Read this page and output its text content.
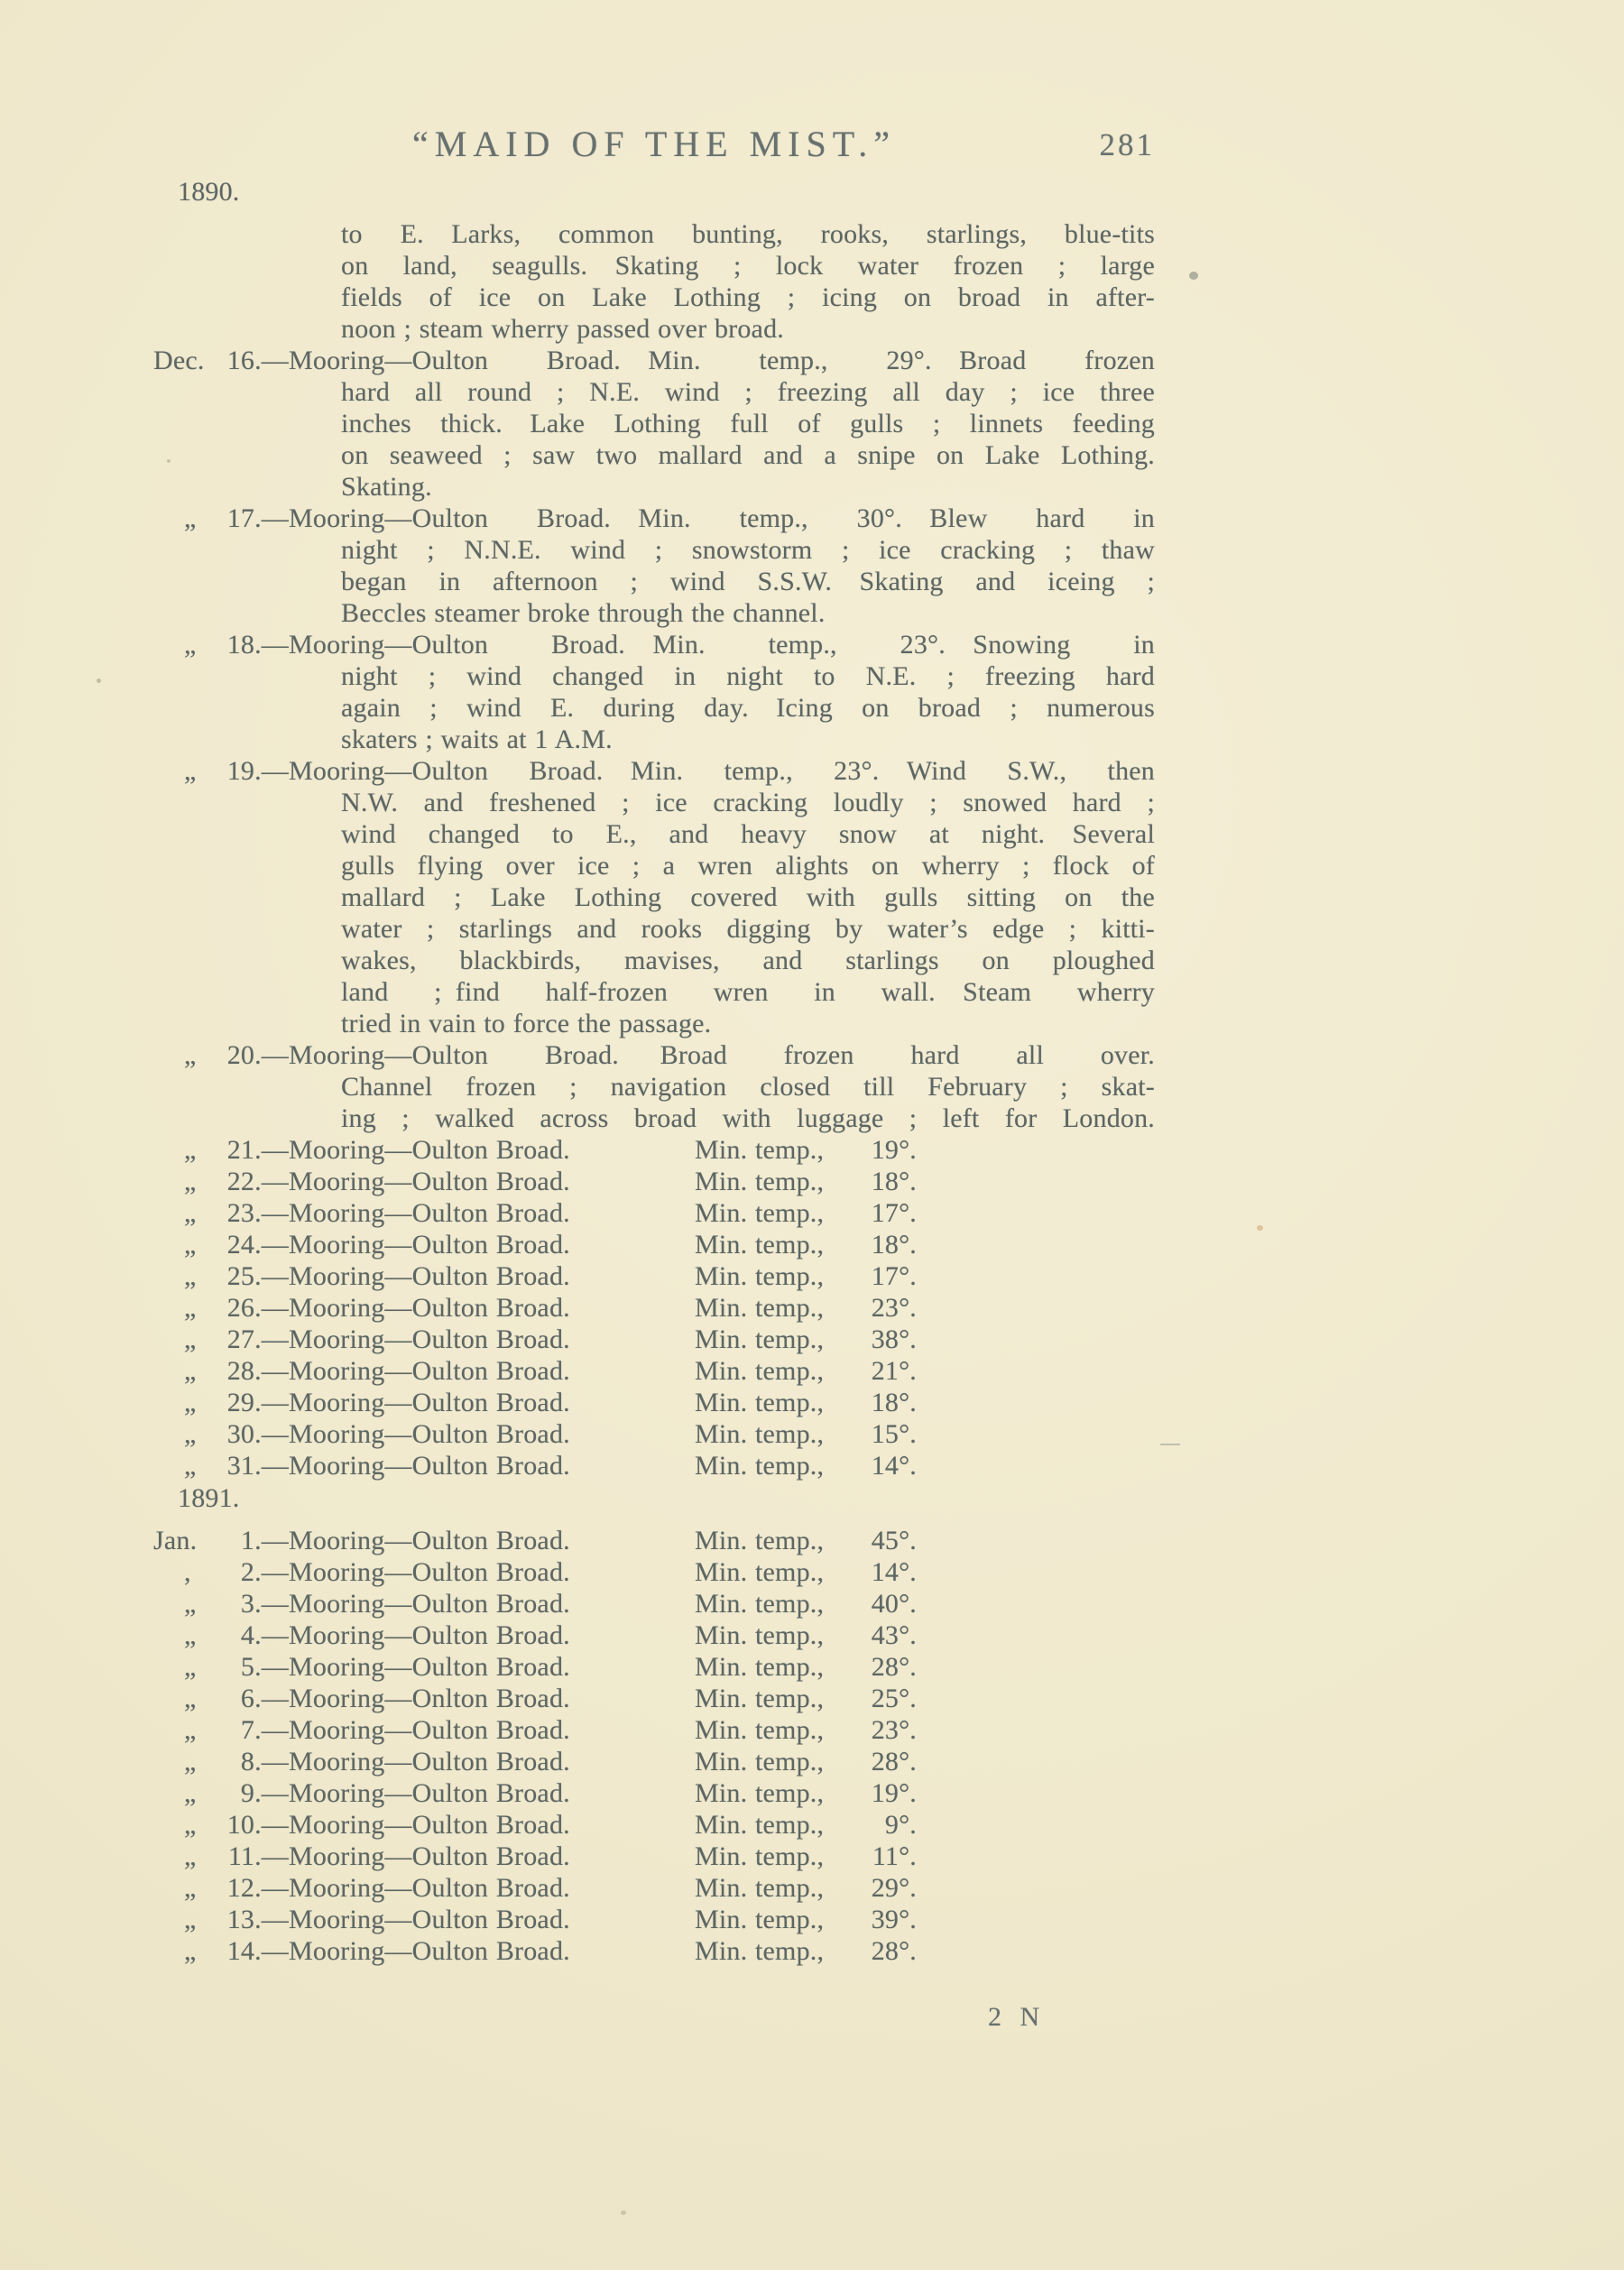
“MAID OF THE MIST.”	281
1890.
to E.  Larks, common bunting, rooks, starlings, blue-tits
on land, seagulls.  Skating ; lock water frozen ; large
fields of ice on Lake Lothing ; icing on broad in after-
noon ; steam wherry passed over broad.
Dec. 16.— Mooring—Oulton Broad.  Min. temp., 29°.  Broad frozen
hard all round ; N.E. wind ; freezing all day ; ice three
inches thick.  Lake Lothing full of gulls ; linnets feeding
on seaweed ; saw two mallard and a snipe on Lake Lothing.
Skating.
„ 17.— Mooring—Oulton Broad.  Min. temp., 30°.  Blew hard in
night ; N.N.E. wind ; snowstorm ; ice cracking ; thaw
began in afternoon ; wind S.S.W.  Skating and iceing ;
Beccles steamer broke through the channel.
„ 18.— Mooring—Oulton Broad.  Min. temp., 23°.  Snowing in
night ; wind changed in night to N.E. ; freezing hard
again ; wind E. during day.  Icing on broad ; numerous
skaters ; waits at 1 A.M.
„ 19.— Mooring—Oulton Broad.  Min. temp., 23°.  Wind S.W., then
N.W. and freshened ; ice cracking loudly ; snowed hard ;
wind changed to E., and heavy snow at night.  Several
gulls flying over ice ; a wren alights on wherry ; flock of
mallard ; Lake Lothing covered with gulls sitting on the
water ; starlings and rooks digging by water’s edge ; kitti-
wakes, blackbirds, mavises, and starlings on ploughed
land ; find half-frozen wren in wall.  Steam wherry
tried in vain to force the passage.
„ 20.— Mooring—Oulton Broad.   Broad frozen hard all over.
Channel frozen ; navigation closed till February ; skat-
ing ; walked across broad with luggage ; left for London.
„ 21.— Mooring—Oulton Broad.	Min. temp., 19°.
„ 22.— Mooring—Oulton Broad.	Min. temp., 18°.
„ 23.— Mooring—Oulton Broad.	Min. temp., 17°.
„ 24.— Mooring—Oulton Broad.	Min. temp., 18°.
„ 25.— Mooring—Oulton Broad.	Min. temp., 17°.
„ 26.— Mooring—Oulton Broad.	Min. temp., 23°.
„ 27.— Mooring—Oulton Broad.	Min. temp., 38°.
„ 28.— Mooring—Oulton Broad.	Min. temp., 21°.
„ 29.— Mooring—Oulton Broad.	Min. temp., 18°.
„ 30.— Mooring—Oulton Broad.	Min. temp., 15°.
„ 31.— Mooring—Oulton Broad.	Min. temp., 14°.
1891.
Jan. 1.— Mooring—Oulton Broad.	Min. temp., 45°.
, 2.— Mooring—Oulton Broad.	Min. temp., 14°.
„ 3.— Mooring—Oulton Broad.	Min. temp., 40°.
„ 4.— Mooring—Oulton Broad.	Min. temp., 43°.
„ 5.— Mooring—Oulton Broad.	Min. temp., 28°.
„ 6.— Mooring—Onlton Broad.	Min. temp., 25°.
„ 7.— Mooring—Oulton Broad.	Min. temp., 23°.
„ 8.— Mooring—Oulton Broad.	Min. temp., 28°.
„ 9.— Mooring—Oulton Broad.	Min. temp., 19°.
„ 10.— Mooring—Oulton Broad.	Min. temp., 9°.
„ 11.— Mooring—Oulton Broad.	Min. temp., 11°.
„ 12.— Mooring—Oulton Broad.	Min. temp., 29°.
„ 13.— Mooring—Oulton Broad.	Min. temp., 39°.
„ 14.— Mooring—Oulton Broad.	Min. temp., 28°.
2 N
